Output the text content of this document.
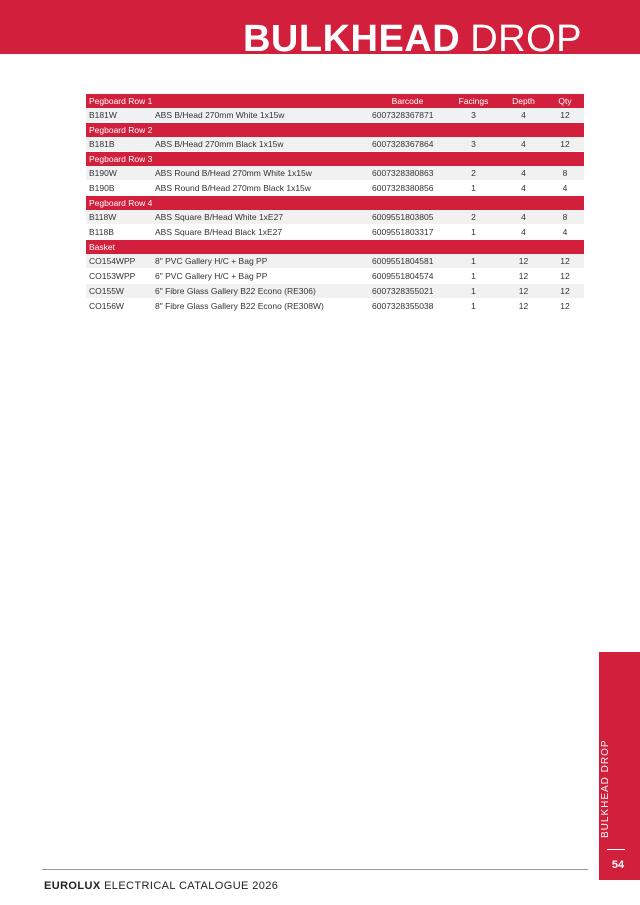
BULKHEAD DROP
Pegboard Row 1		Barcode	Facings	Depth	Qty
B181W	ABS B/Head 270mm White 1x15w	6007328367871	3	4	12
Pegboard Row 2					
B181B	ABS B/Head 270mm Black 1x15w	6007328367864	3	4	12
Pegboard Row 3					
B190W	ABS Round B/Head 270mm White 1x15w	6007328380863	2	4	8
B190B	ABS Round B/Head 270mm Black 1x15w	6007328380856	1	4	4
Pegboard Row 4					
B118W	ABS Square B/Head White 1xE27	6009551803805	2	4	8
B118B	ABS Square B/Head Black 1xE27	6009551803317	1	4	4
Basket					
CO154WPP	8" PVC Gallery H/C + Bag PP	6009551804581	1	12	12
CO153WPP	6" PVC Gallery H/C + Bag PP	6009551804574	1	12	12
CO155W	6" Fibre Glass Gallery B22 Econo (RE306)	6007328355021	1	12	12
CO156W	8" Fibre Glass Gallery B22 Econo (RE308W)	6007328355038	1	12	12
54
EUROLUX ELECTRICAL CATALOGUE 2026
